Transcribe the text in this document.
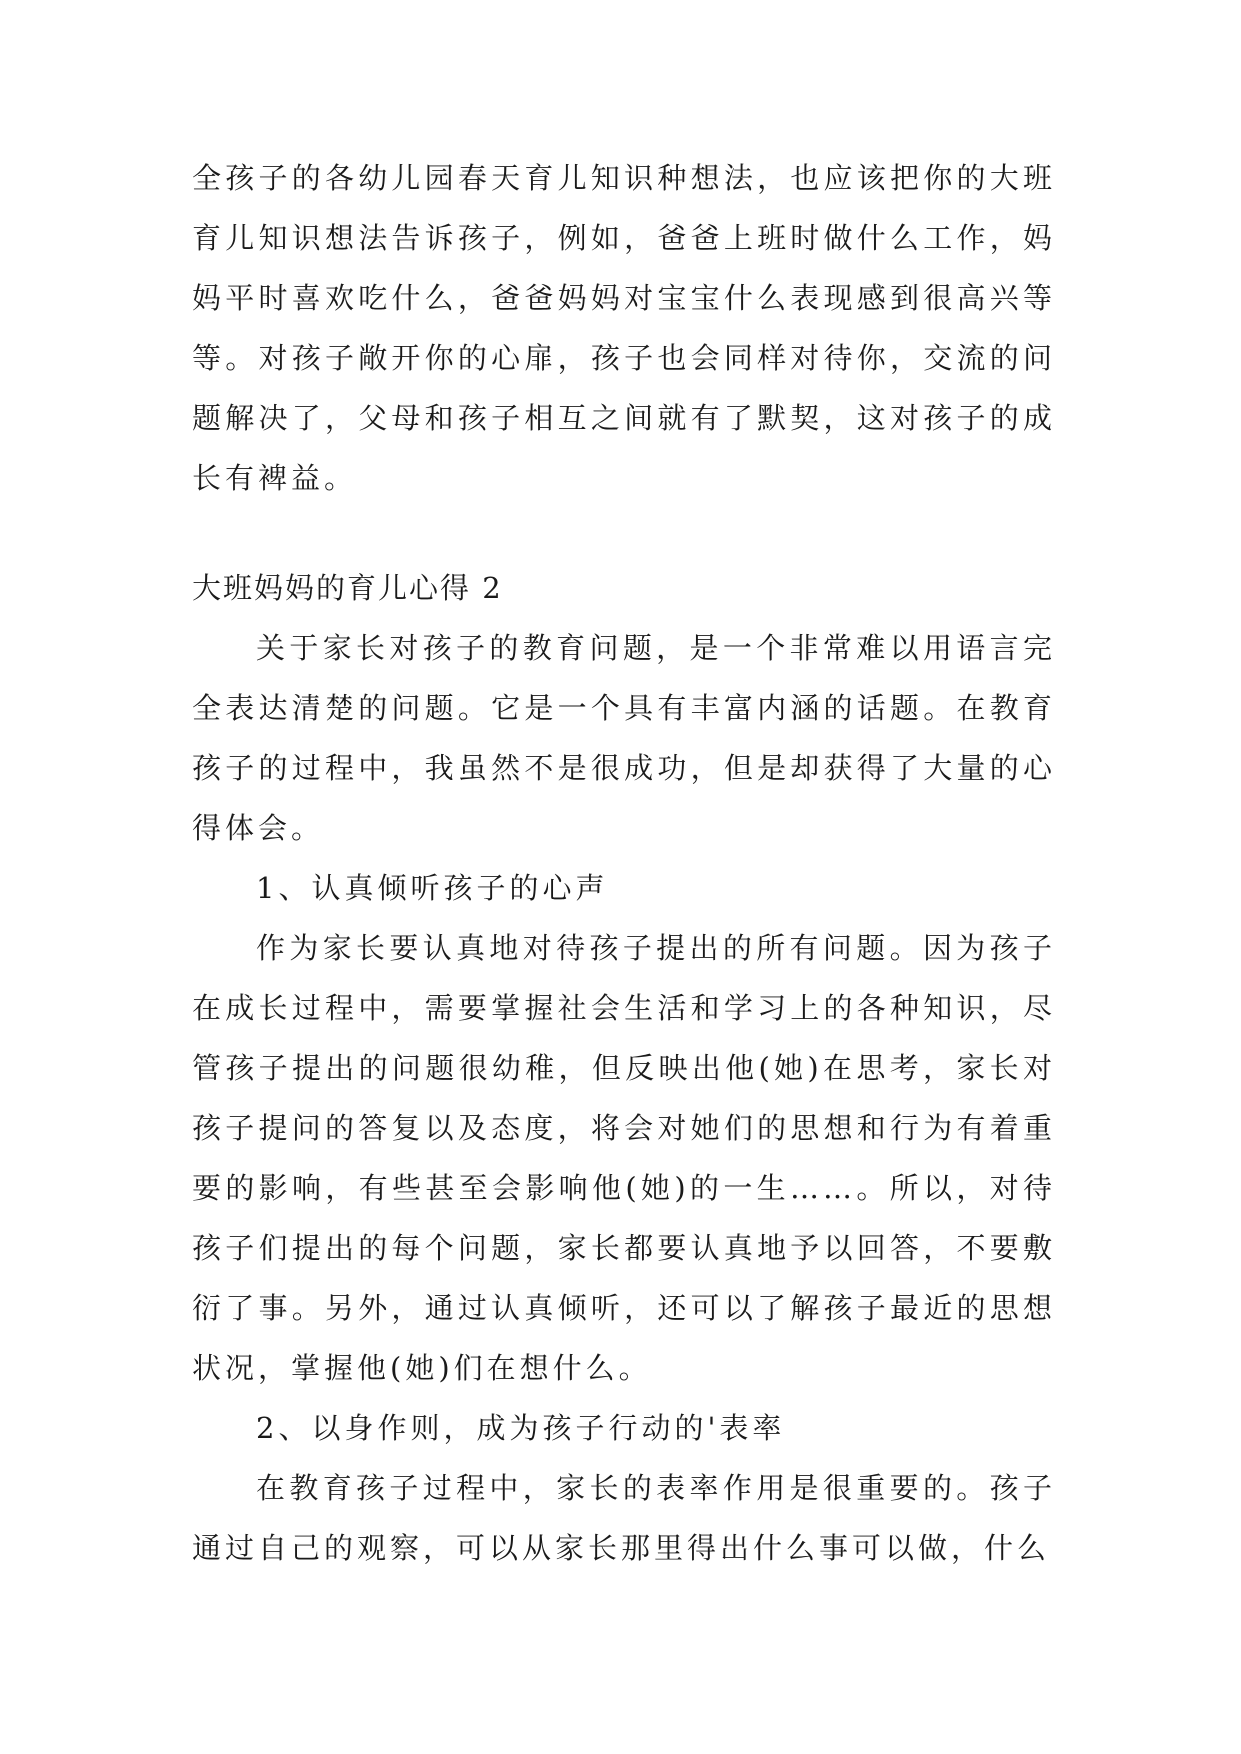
全孩子的各幼儿园春天育儿知识种想法，也应该把你的大班育儿知识想法告诉孩子，例如，爸爸上班时做什么工作，妈妈平时喜欢吃什么，爸爸妈妈对宝宝什么表现感到很高兴等等。对孩子敞开你的心扉，孩子也会同样对待你，交流的问题解决了，父母和孩子相互之间就有了默契，这对孩子的成长有裨益。

大班妈妈的育儿心得 2

关于家长对孩子的教育问题，是一个非常难以用语言完全表达清楚的问题。它是一个具有丰富内涵的话题。在教育孩子的过程中，我虽然不是很成功，但是却获得了大量的心得体会。

1、认真倾听孩子的心声

作为家长要认真地对待孩子提出的所有问题。因为孩子在成长过程中，需要掌握社会生活和学习上的各种知识，尽管孩子提出的问题很幼稚，但反映出他(她)在思考，家长对孩子提问的答复以及态度，将会对她们的思想和行为有着重要的影响，有些甚至会影响他(她)的一生……。所以，对待孩子们提出的每个问题，家长都要认真地予以回答，不要敷衍了事。另外，通过认真倾听，还可以了解孩子最近的思想状况，掌握他(她)们在想什么。

2、以身作则，成为孩子行动的'表率

在教育孩子过程中，家长的表率作用是很重要的。孩子通过自己的观察，可以从家长那里得出什么事可以做，什么
